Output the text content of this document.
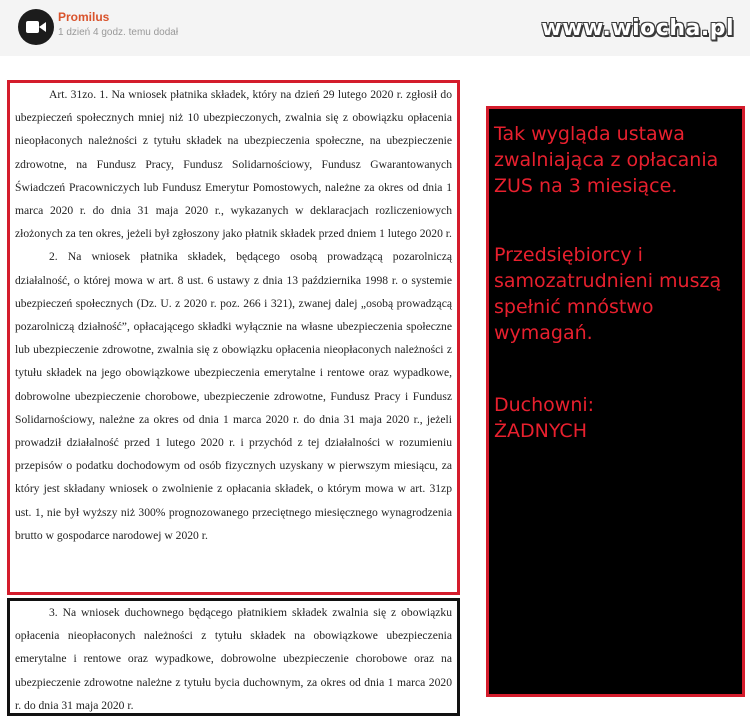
Promilus
1 dzień 4 godz. temu dodał	www.wiocha.pl

Art. 31zo. 1. Na wniosek płatnika składek, który na dzień 29 lutego 2020 r. zgłosił do ubezpieczeń społecznych mniej niż 10 ubezpieczonych, zwalnia się z obowiązku opłacenia nieopłaconych należności z tytułu składek na ubezpieczenia społeczne, na ubezpieczenie zdrowotne, na Fundusz Pracy, Fundusz Solidarnościowy, Fundusz Gwarantowanych Świadczeń Pracowniczych lub Fundusz Emerytur Pomostowych, należne za okres od dnia 1 marca 2020 r. do dnia 31 maja 2020 r., wykazanych w deklaracjach rozliczeniowych złożonych za ten okres, jeżeli był zgłoszony jako płatnik składek przed dniem 1 lutego 2020 r.

2. Na wniosek płatnika składek, będącego osobą prowadzącą pozarolniczą działalność, o której mowa w art. 8 ust. 6 ustawy z dnia 13 października 1998 r. o systemie ubezpieczeń społecznych (Dz. U. z 2020 r. poz. 266 i 321), zwanej dalej „osobą prowadzącą pozarolniczą działność”, opłacającego składki wyłącznie na własne ubezpieczenia społeczne lub ubezpieczenie zdrowotne, zwalnia się z obowiązku opłacenia nieopłaconych należności z tytułu składek na jego obowiązkowe ubezpieczenia emerytalne i rentowe oraz wypadkowe, dobrowolne ubezpieczenie chorobowe, ubezpieczenie zdrowotne, Fundusz Pracy i Fundusz Solidarnościowy, należne za okres od dnia 1 marca 2020 r. do dnia 31 maja 2020 r., jeżeli prowadził działalność przed 1 lutego 2020 r. i przychód z tej działalności w rozumieniu przepisów o podatku dochodowym od osób fizycznych uzyskany w pierwszym miesiącu, za który jest składany wniosek o zwolnienie z opłacania składek, o którym mowa w art. 31zp ust. 1, nie był wyższy niż 300% prognozowanego przeciętnego miesięcznego wynagrodzenia brutto w gospodarce narodowej w 2020 r.

3. Na wniosek duchownego będącego płatnikiem składek zwalnia się z obowiązku opłacenia nieopłaconych należności z tytułu składek na obowiązkowe ubezpieczenia emerytalne i rentowe oraz wypadkowe, dobrowolne ubezpieczenie chorobowe oraz na ubezpieczenie zdrowotne należne z tytułu bycia duchownym, za okres od dnia 1 marca 2020 r. do dnia 31 maja 2020 r.

Tak wygląda ustawa zwalniająca z opłacania ZUS na 3 miesiące.

Przedsiębiorcy i samozatrudnieni muszą spełnić mnóstwo wymagań.

Duchowni:

ŻADNYCH
